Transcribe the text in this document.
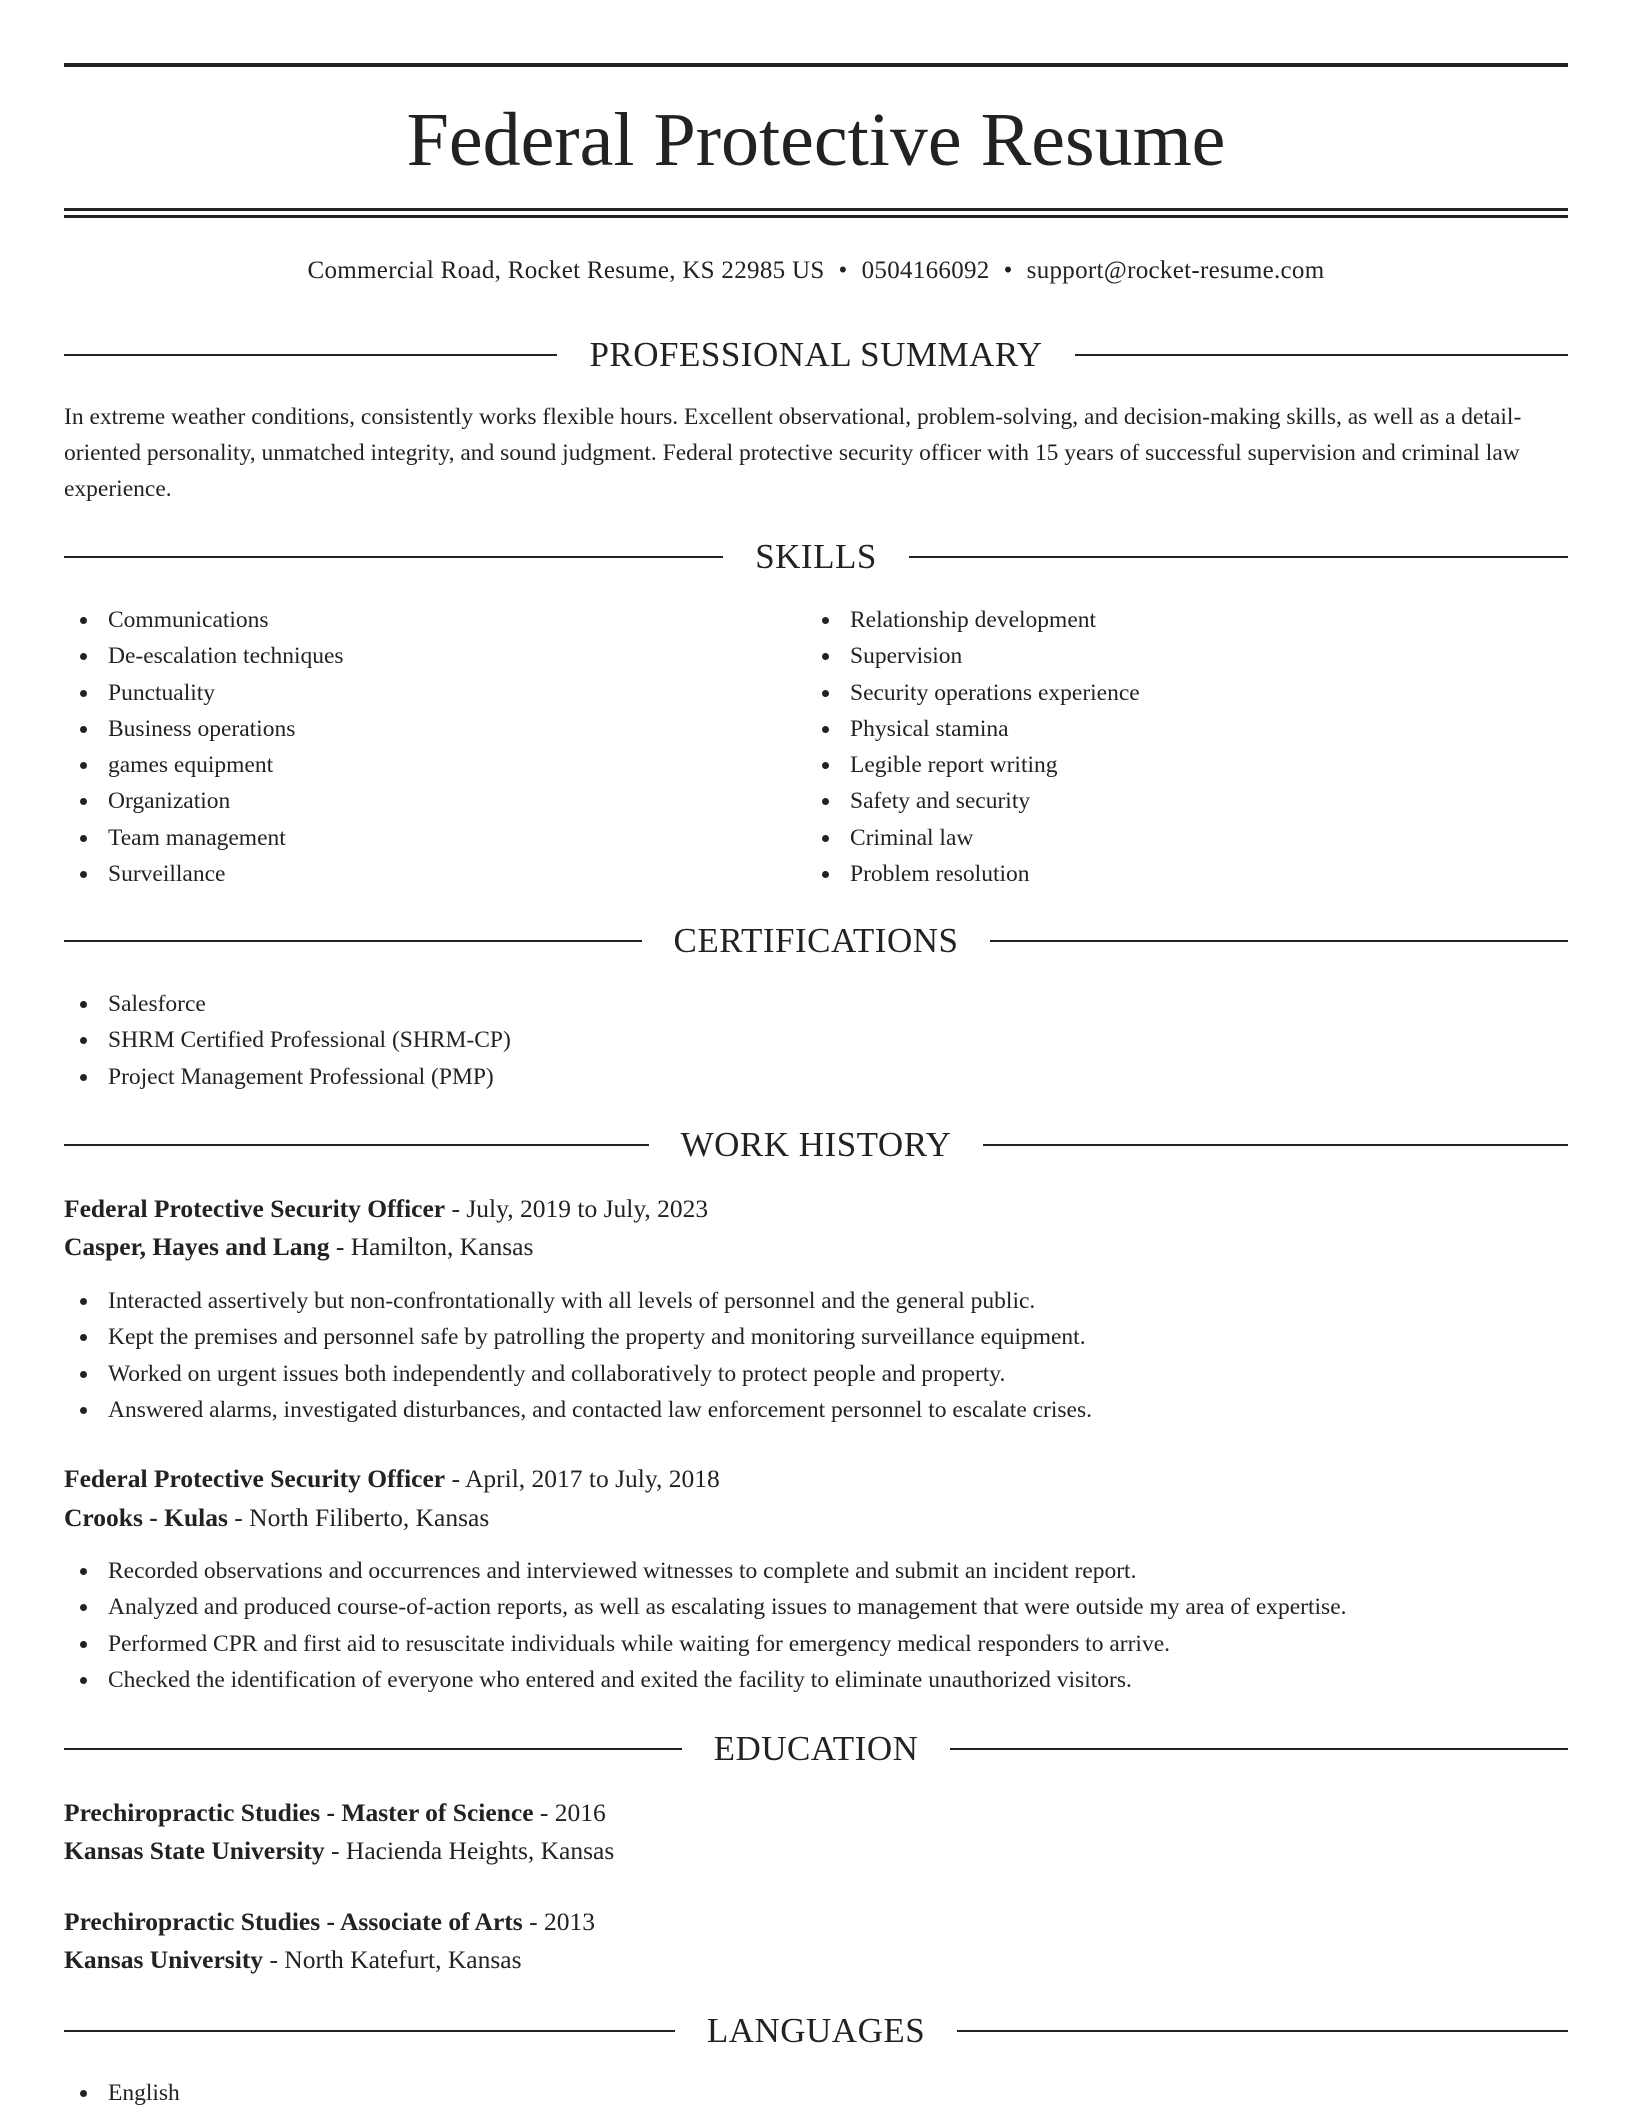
Federal Protective Resume
Commercial Road, Rocket Resume, KS 22985 US • 0504166092 • support@rocket-resume.com
PROFESSIONAL SUMMARY

In extreme weather conditions, consistently works flexible hours. Excellent observational, problem-solving, and decision-making skills, as well as a detail-oriented personality, unmatched integrity, and sound judgment. Federal protective security officer with 15 years of successful supervision and criminal law experience.

SKILLS
Communications
De-escalation techniques
Punctuality
Business operations
games equipment
Organization
Team management
Surveillance
Relationship development
Supervision
Security operations experience
Physical stamina
Legible report writing
Safety and security
Criminal law
Problem resolution
CERTIFICATIONS
Salesforce
SHRM Certified Professional (SHRM-CP)
Project Management Professional (PMP)
WORK HISTORY
Federal Protective Security Officer - July, 2019 to July, 2023
Casper, Hayes and Lang - Hamilton, Kansas
Interacted assertively but non-confrontationally with all levels of personnel and the general public.
Kept the premises and personnel safe by patrolling the property and monitoring surveillance equipment.
Worked on urgent issues both independently and collaboratively to protect people and property.
Answered alarms, investigated disturbances, and contacted law enforcement personnel to escalate crises.
Federal Protective Security Officer - April, 2017 to July, 2018
Crooks - Kulas - North Filiberto, Kansas
Recorded observations and occurrences and interviewed witnesses to complete and submit an incident report.
Analyzed and produced course-of-action reports, as well as escalating issues to management that were outside my area of expertise.
Performed CPR and first aid to resuscitate individuals while waiting for emergency medical responders to arrive.
Checked the identification of everyone who entered and exited the facility to eliminate unauthorized visitors.
EDUCATION
Prechiropractic Studies - Master of Science - 2016
Kansas State University - Hacienda Heights, Kansas
Prechiropractic Studies - Associate of Arts - 2013
Kansas University - North Katefurt, Kansas
LANGUAGES
English
